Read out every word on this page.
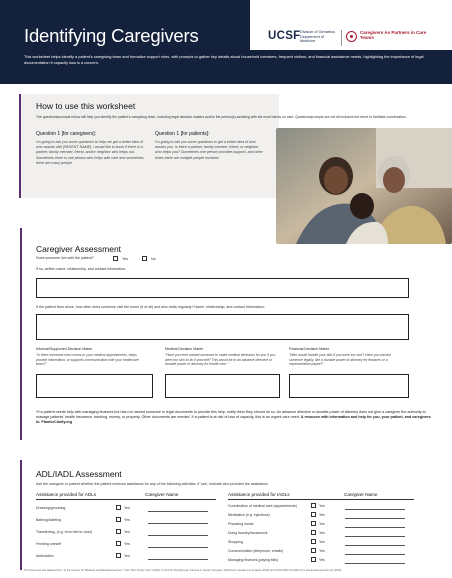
Identifying Caregivers	UCSF Division of Geriatrics Department of Medicine
Caregivers As Partners in Care Teams
This worksheet helps identify a patient's caregiving team and formalize support roles, with prompts to gather key details about household members, frequent visitors, and financial assistance needs, highlighting the importance of legal documentation if capacity loss is a concern.
How to use this worksheet
The questions/prompts below will help you identify the patient's caregiving team, including legal decision makers and/or the person(s) assisting with the most hands-on care. Questions/prompts are not all inclusive but serve to facilitate conversation.
Question 1 [for caregivers]:
I'm going to ask you some questions to help me get a better idea of who assists with [PATIENT NAME]. I would like to know if there is a partner, family member, friend, and/or neighbor who helps out. Sometimes there is one person who helps with care and sometimes there are many people.
Question 1 [for patients]:
I'm going to ask you some questions to get a better idea of who assists you. Is there a partner, family member, friend, or neighbor who helps you? Sometimes one person provides support, and other times there are multiple people involved.
Caregiver Assessment
Does someone live with the patient?	Yes	No
If so, written name, relationship, and contact information:
If the patient lives alone, how often does someone visit the home (# of all) and who visits regularly? Name, relationship, and contact information:
Informal/Supported Decision Maker
"Is there someone who comes to your medical appointments, helps provide information, or supports communication with your healthcare team?"
Medical Decision Maker
"Have you ever named someone to make medical decisions for you if you were too sick to do it yourself? This would be in an advance directive or durable power of attorney for health care."
Financial Decision Maker
"Who would handle your bills if you were too sick? Have you named someone legally, like a durable power of attorney for finances or a representative payee?"
*If a patient needs help with managing finances but has not named someone in legal documents to provide this help, notify them they should do so. An advance directive or durable power of attorney does not give a caregiver the authority to manage patients' health insurance, banking, money, or property. Other documents are needed. If a patient is at risk of loss of capacity, this is an urgent care need. A resource with information and help for you, your patient, and caregivers is: PlanforClarity.org
ADL/IADL Assessment
Ask the caregiver or patient whether the patient receives assistance for any of the following activities. If 'yes', indicate who provides the assistance.
Assistance provided for ADLs	Caregiver Name	Assistance provided for IADLs	Caregiver Name
Dressing/grooming	Yes
Bathing/toileting	Yes
Transferring, (e.g. from bed to chair)	Yes
Feeding oneself	Yes
Ambulation	Yes
Coordination of medical care (appointments)	Yes
Medication (e.g. injections)	Yes
Preparing meals	Yes
Doing laundry/housework	Yes
Shopping	Yes
Communication (telephone, emails)	Yes
Managing finances (paying bills)	Yes
This document was adapted from: 1) the Centers for Medicare and Medicaid Services' "Care Tool: Family Care" (2023); 2) Tool for Identifying an Informal or Family Caregiver, Alzheimer's Greater Los Angeles (2018) and 3) NGLKB2 checklist from dementiacarepearls.org (2023).
